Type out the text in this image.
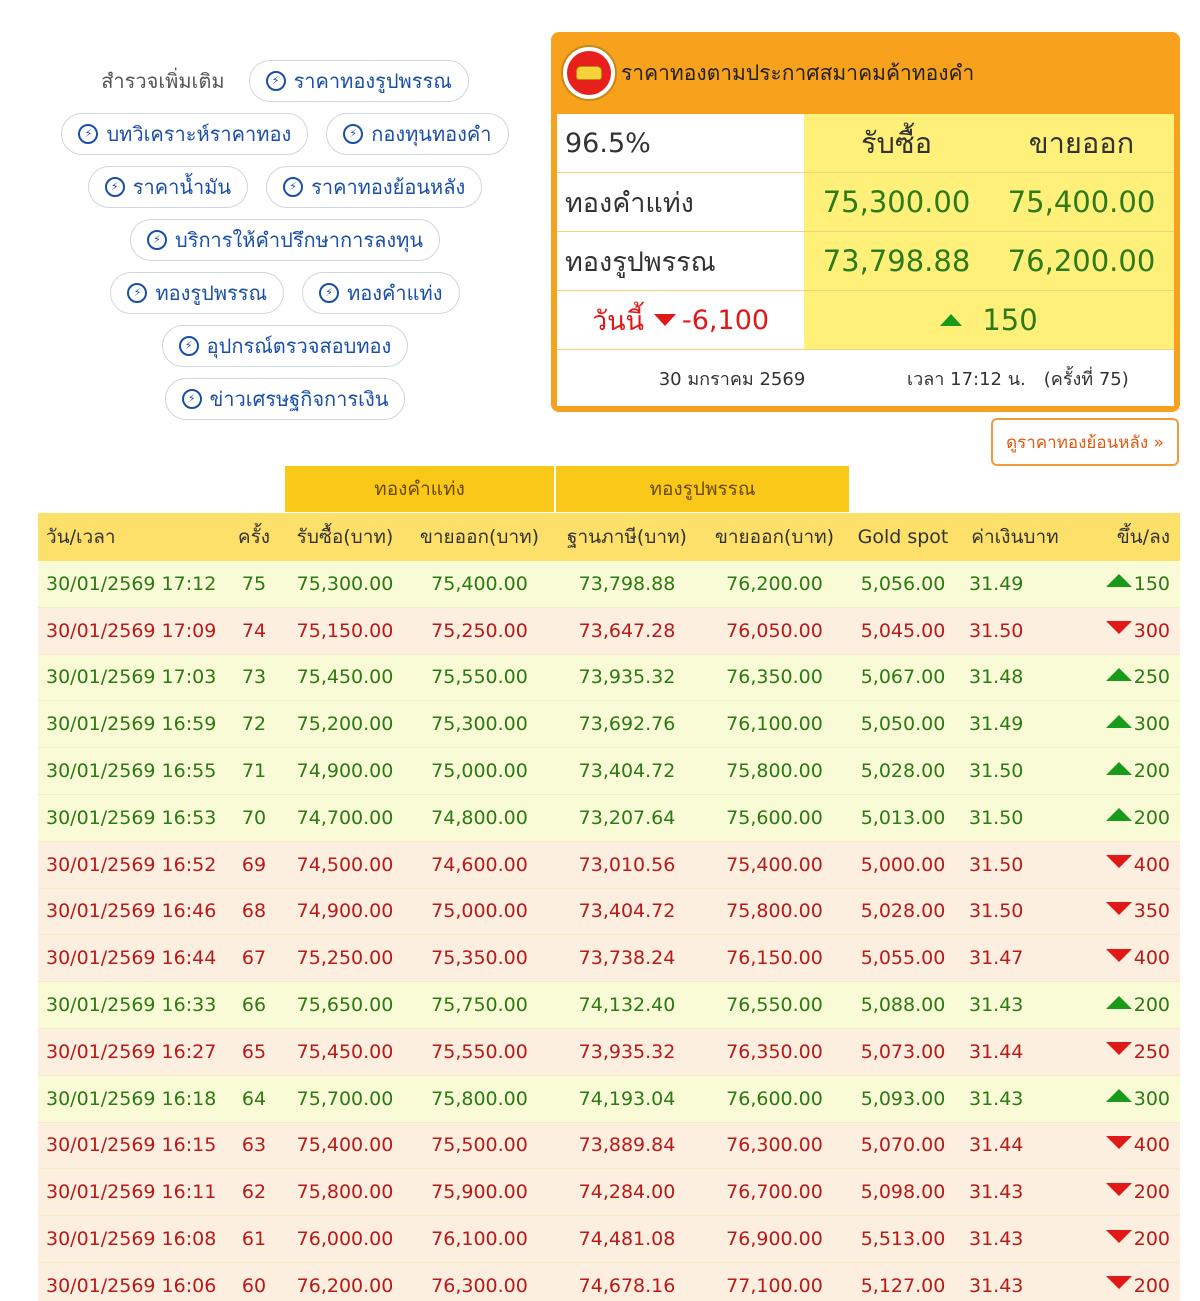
สำรวจเพิ่มเติม	⚡ ราคาทองรูปพรรณ
⚡ บทวิเคราะห์ราคาทอง	⚡ กองทุนทองคำ
⚡ ราคาน้ำมัน	⚡ ราคาทองย้อนหลัง
⚡ บริการให้คำปรึกษาการลงทุน
⚡ ทองรูปพรรณ	⚡ ทองคำแท่ง
⚡ อุปกรณ์ตรวจสอบทอง
⚡ ข่าวเศรษฐกิจการเงิน
ราคาทองตามประกาศสมาคมค้าทองคำ
96.5%	รับซื้อ	ขายออก
ทองคำแท่ง	75,300.00	75,400.00
ทองรูปพรรณ	73,798.88	76,200.00
วันนี้ -6,100	150
30 มกราคม 2569	เวลา 17:12 น. (ครั้งที่ 75)
ดูราคาทองย้อนหลัง »
ทองคำแท่ง	ทองรูปพรรณ
วัน/เวลา	ครั้ง	รับซื้อ(บาท)	ขายออก(บาท)	ฐานภาษี(บาท)	ขายออก(บาท)	Gold spot	ค่าเงินบาท	ขึ้น/ลง
30/01/2569 17:12	75	75,300.00	75,400.00	73,798.88	76,200.00	5,056.00	31.49	150
30/01/2569 17:09	74	75,150.00	75,250.00	73,647.28	76,050.00	5,045.00	31.50	300
30/01/2569 17:03	73	75,450.00	75,550.00	73,935.32	76,350.00	5,067.00	31.48	250
30/01/2569 16:59	72	75,200.00	75,300.00	73,692.76	76,100.00	5,050.00	31.49	300
30/01/2569 16:55	71	74,900.00	75,000.00	73,404.72	75,800.00	5,028.00	31.50	200
30/01/2569 16:53	70	74,700.00	74,800.00	73,207.64	75,600.00	5,013.00	31.50	200
30/01/2569 16:52	69	74,500.00	74,600.00	73,010.56	75,400.00	5,000.00	31.50	400
30/01/2569 16:46	68	74,900.00	75,000.00	73,404.72	75,800.00	5,028.00	31.50	350
30/01/2569 16:44	67	75,250.00	75,350.00	73,738.24	76,150.00	5,055.00	31.47	400
30/01/2569 16:33	66	75,650.00	75,750.00	74,132.40	76,550.00	5,088.00	31.43	200
30/01/2569 16:27	65	75,450.00	75,550.00	73,935.32	76,350.00	5,073.00	31.44	250
30/01/2569 16:18	64	75,700.00	75,800.00	74,193.04	76,600.00	5,093.00	31.43	300
30/01/2569 16:15	63	75,400.00	75,500.00	73,889.84	76,300.00	5,070.00	31.44	400
30/01/2569 16:11	62	75,800.00	75,900.00	74,284.00	76,700.00	5,098.00	31.43	200
30/01/2569 16:08	61	76,000.00	76,100.00	74,481.08	76,900.00	5,513.00	31.43	200
30/01/2569 16:06	60	76,200.00	76,300.00	74,678.16	77,100.00	5,127.00	31.43	200
